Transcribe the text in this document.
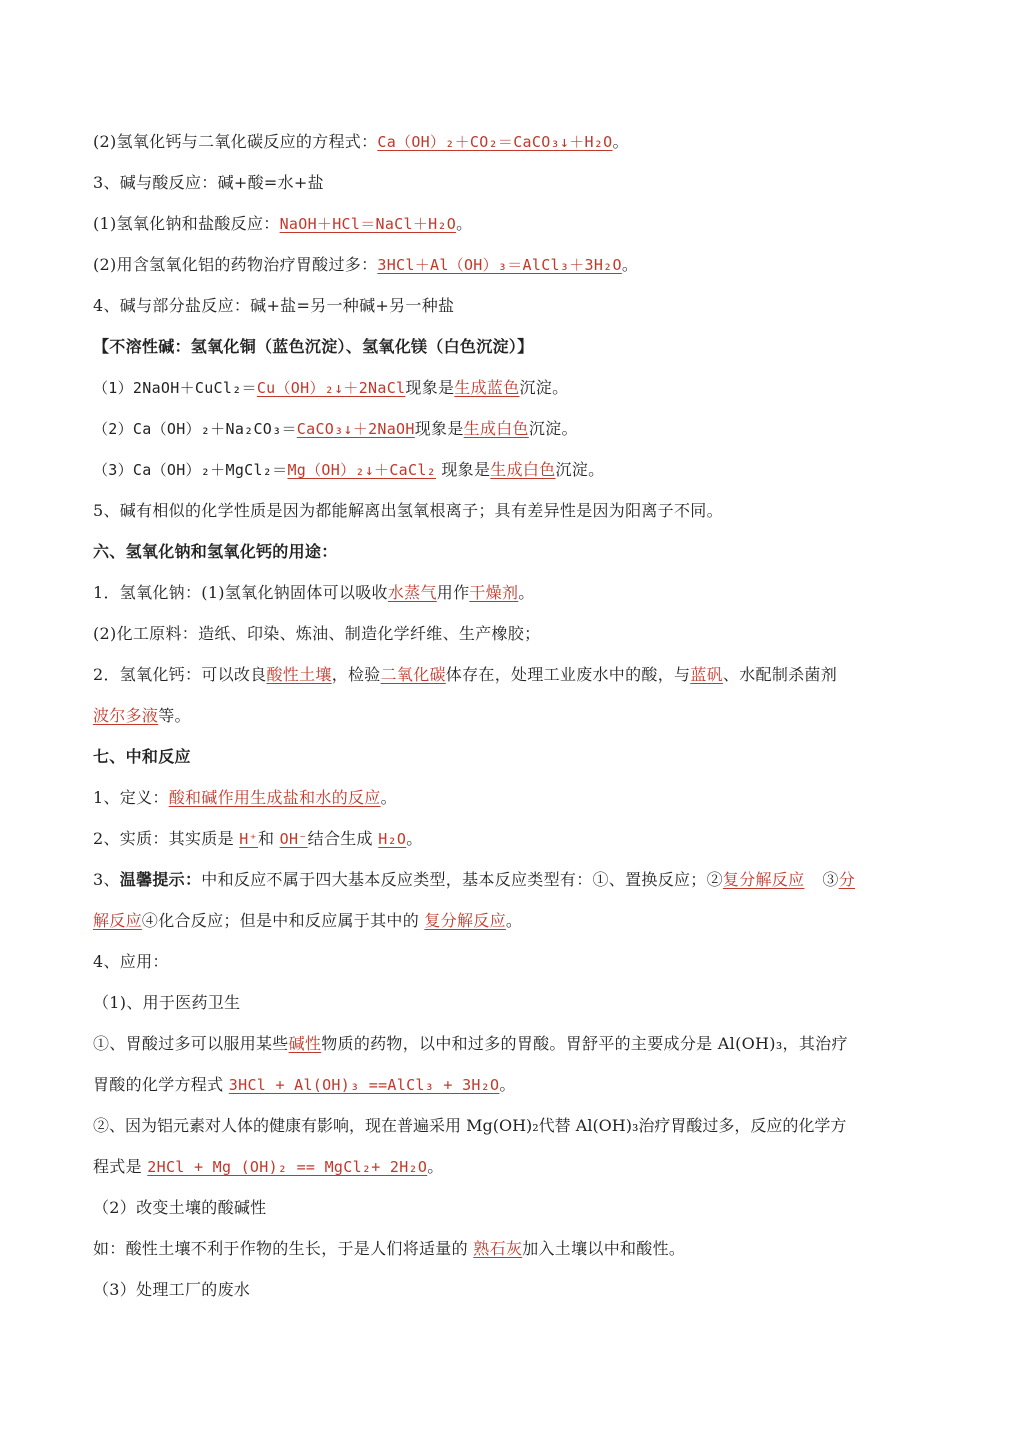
(2)氢氧化钙与二氧化碳反应的方程式：Ca（OH）₂＋CO₂＝CaCO₃↓＋H₂O。
3、碱与酸反应：碱+酸=水+盐
(1)氢氧化钠和盐酸反应：NaOH＋HCl＝NaCl＋H₂O。
(2)用含氢氧化铝的药物治疗胃酸过多：3HCl＋Al（OH）₃＝AlCl₃＋3H₂O。
4、碱与部分盐反应：碱+盐=另一种碱+另一种盐
【不溶性碱：氢氧化铜（蓝色沉淀）、氢氧化镁（白色沉淀）】
（1）2NaOH＋CuCl₂＝Cu（OH）₂↓＋2NaCl现象是生成蓝色沉淀。
（2）Ca（OH）₂＋Na₂CO₃＝CaCO₃↓＋2NaOH现象是生成白色沉淀。
（3）Ca（OH）₂＋MgCl₂＝Mg（OH）₂↓＋CaCl₂ 现象是生成白色沉淀。
5、碱有相似的化学性质是因为都能解离出氢氧根离子；具有差异性是因为阳离子不同。
六、氢氧化钠和氢氧化钙的用途：
1．氢氧化钠：(1)氢氧化钠固体可以吸收水蒸气用作干燥剂。
(2)化工原料：造纸、印染、炼油、制造化学纤维、生产橡胶；
2．氢氧化钙：可以改良酸性土壤，检验二氧化碳体存在，处理工业废水中的酸，与蓝矾、水配制杀菌剂
波尔多液等。
七、中和反应
1、定义：酸和碱作用生成盐和水的反应。
2、实质：其实质是 H⁺和 OH⁻结合生成 H₂O。
3、温馨提示：中和反应不属于四大基本反应类型，基本反应类型有：①、置换反应；②复分解反应 ③分
解反应④化合反应；但是中和反应属于其中的 复分解反应。
4、应用：
（1)、用于医药卫生
①、胃酸过多可以服用某些碱性物质的药物，以中和过多的胃酸。胃舒平的主要成分是 Al(OH)₃，其治疗
胃酸的化学方程式 3HCl + Al(OH)₃ ==AlCl₃ + 3H₂O。
②、因为铝元素对人体的健康有影响，现在普遍采用 Mg(OH)₂代替 Al(OH)₃治疗胃酸过多，反应的化学方
程式是 2HCl + Mg (OH)₂ == MgCl₂+ 2H₂O。
（2）改变土壤的酸碱性
如：酸性土壤不利于作物的生长，于是人们将适量的 熟石灰加入土壤以中和酸性。
（3）处理工厂的废水
